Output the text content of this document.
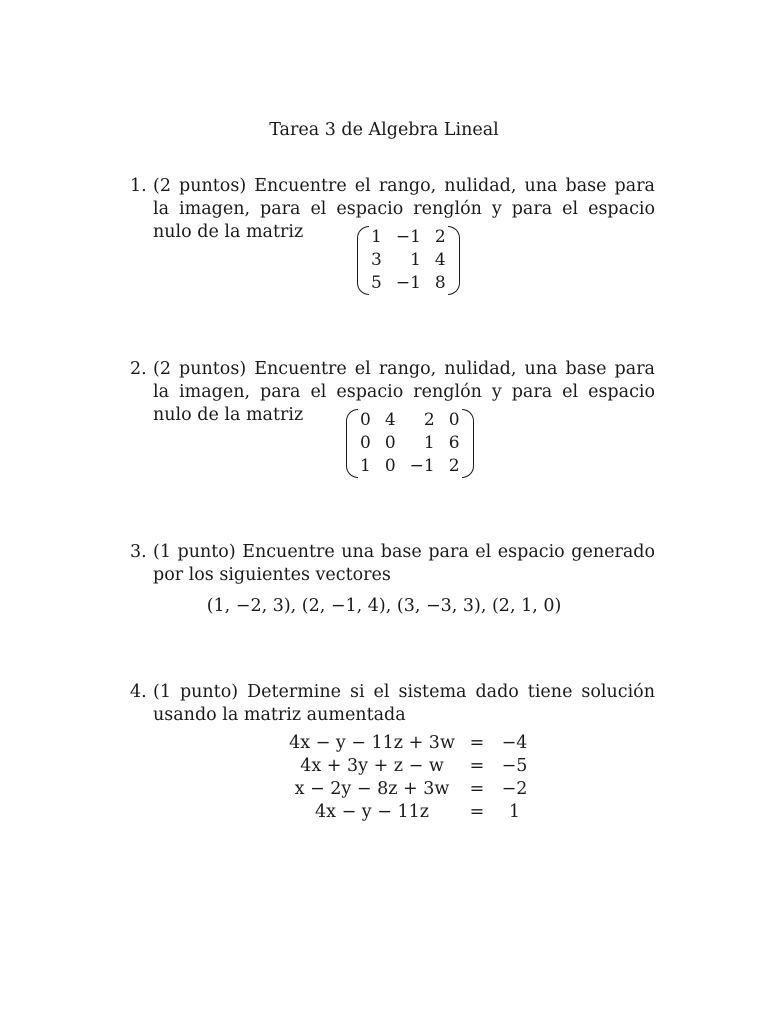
Tarea 3 de Algebra Lineal
1. (2 puntos) Encuentre el rango, nulidad, una base para la imagen, para el espacio renglón y para el espacio nulo de la matriz	1 −1 2
3	1 4
5 −1 8
2. (2 puntos) Encuentre el rango, nulidad, una base para la imagen, para el espacio renglón y para el espacio nulo de la matriz	0 4	2 0
0 0	1 6
1 0 −1 2
3. (1 punto) Encuentre una base para el espacio generado por los siguientes vectores
(1, −2, 3), (2, −1, 4), (3, −3, 3), (2, 1, 0)
4. (1 punto) Determine si el sistema dado tiene solución usando la matriz aumentada
4x − y − 11z + 3w	=	−4
4x + 3y + z − w	=	−5
x − 2y − 8z + 3w	=	−2
4x − y − 11z	=	1
